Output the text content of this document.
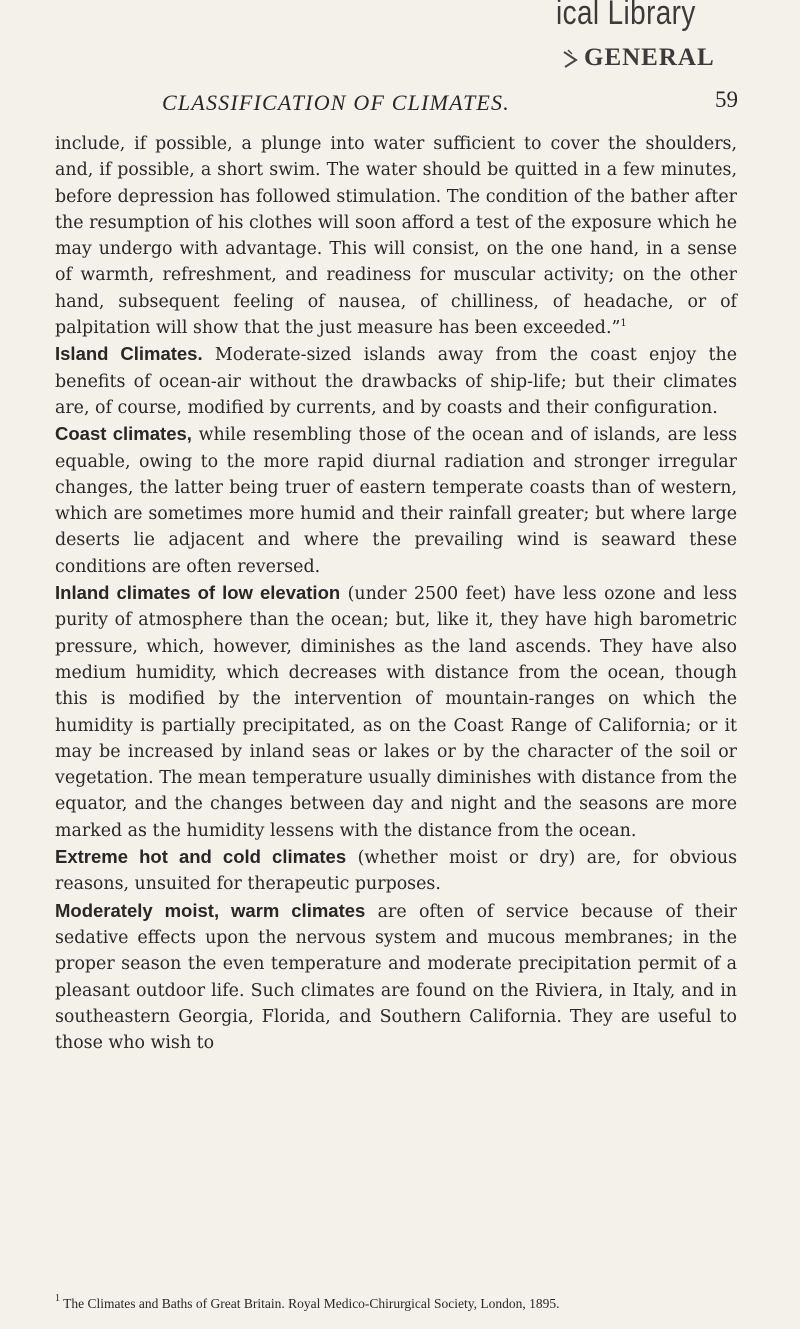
ical Library
GENERAL
CLASSIFICATION OF CLIMATES.	59

include, if possible, a plunge into water sufficient to cover the shoulders, and, if possible, a short swim. The water should be quitted in a few minutes, before depression has followed stimulation. The condition of the bather after the resumption of his clothes will soon afford a test of the exposure which he may undergo with advantage. This will consist, on the one hand, in a sense of warmth, refreshment, and readiness for muscular activity; on the other hand, subsequent feeling of nausea, of chilliness, of headache, or of palpitation will show that the just measure has been exceeded.”$^1$

Island Climates. Moderate-sized islands away from the coast enjoy the benefits of ocean-air without the drawbacks of ship-life; but their climates are, of course, modified by currents, and by coasts and their configuration.

Coast climates, while resembling those of the ocean and of islands, are less equable, owing to the more rapid diurnal radiation and stronger irregular changes, the latter being truer of eastern temperate coasts than of western, which are sometimes more humid and their rainfall greater; but where large deserts lie adjacent and where the prevailing wind is seaward these conditions are often reversed.

Inland climates of low elevation (under 2500 feet) have less ozone and less purity of atmosphere than the ocean; but, like it, they have high barometric pressure, which, however, diminishes as the land ascends. They have also medium humidity, which decreases with distance from the ocean, though this is modified by the intervention of mountain-ranges on which the humidity is partially precipitated, as on the Coast Range of California; or it may be increased by inland seas or lakes or by the character of the soil or vegetation. The mean temperature usually diminishes with distance from the equator, and the changes between day and night and the seasons are more marked as the humidity lessens with the distance from the ocean.

Extreme hot and cold climates (whether moist or dry) are, for obvious reasons, unsuited for therapeutic purposes.

Moderately moist, warm climates are often of service because of their sedative effects upon the nervous system and mucous membranes; in the proper season the even temperature and moderate precipitation permit of a pleasant outdoor life. Such climates are found on the Riviera, in Italy, and in southeastern Georgia, Florida, and Southern California. They are useful to those who wish to

$^1$ The Climates and Baths of Great Britain. Royal Medico-Chirurgical Society, London, 1895.
